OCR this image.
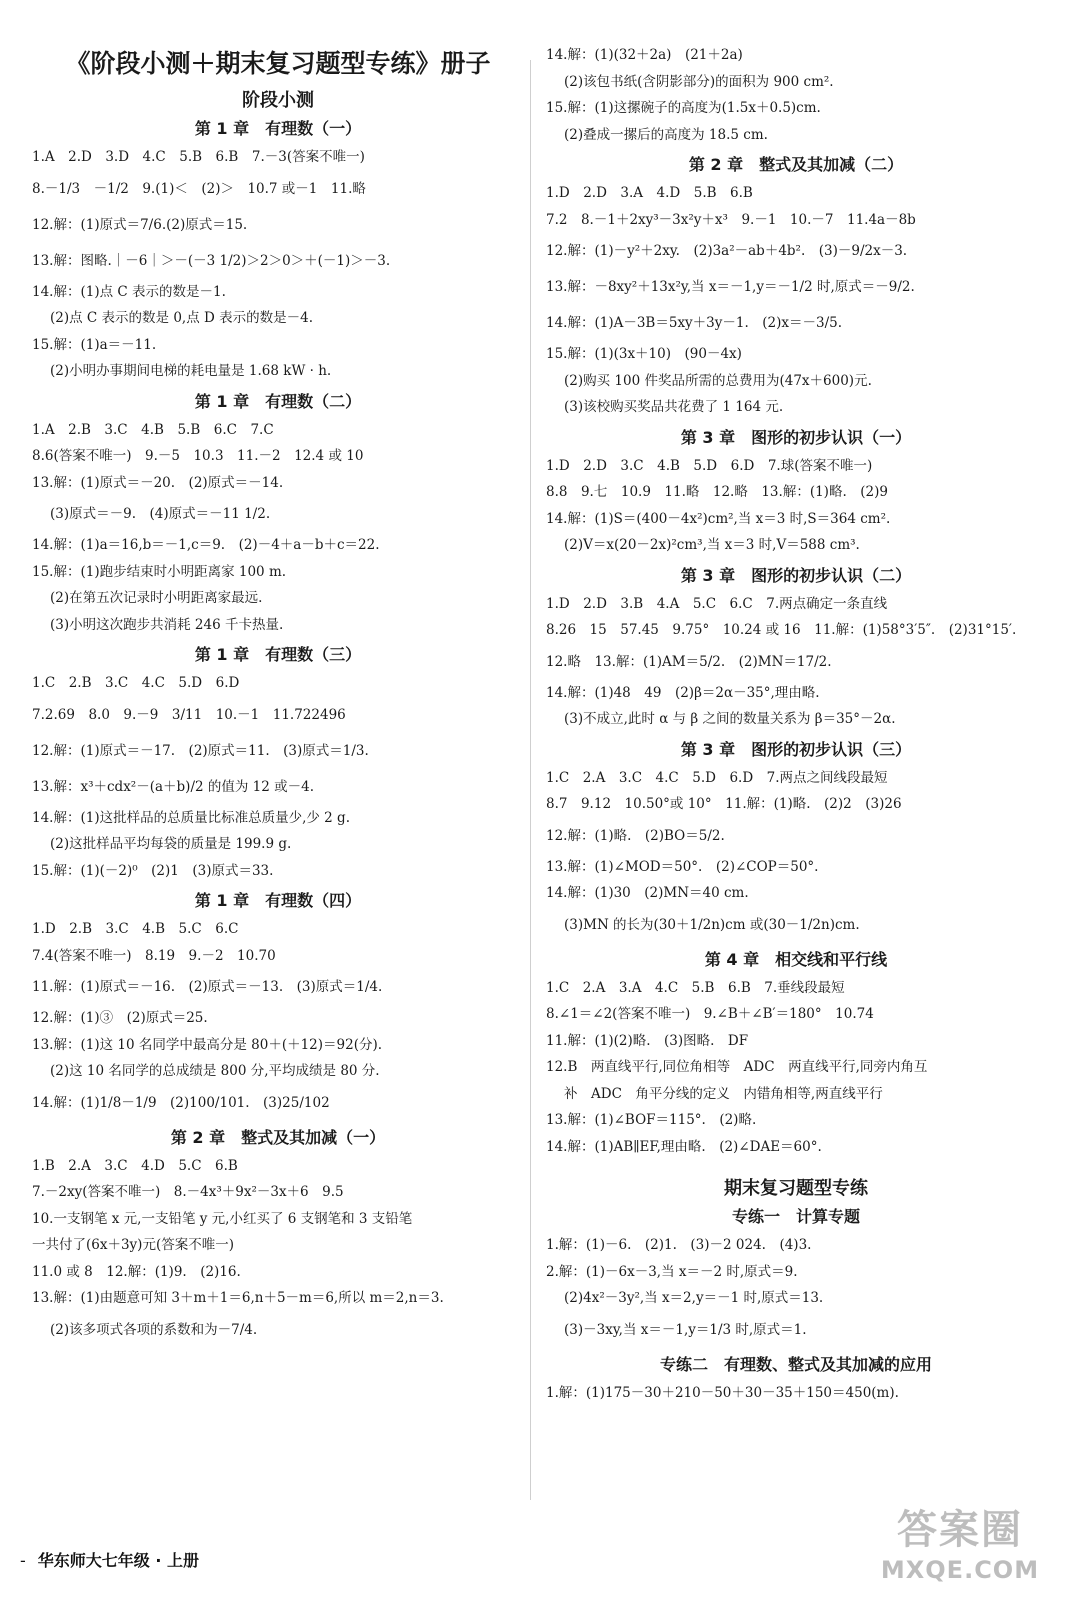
《阶段小测＋期末复习题型专练》册子
阶段小测
第 1 章　有理数（一）
1.A　2.D　3.D　4.C　5.B　6.B　7.－3(答案不唯一)
8.－1/3　－1/2　9.(1)＜　(2)＞　10.7 或－1　11.略
12.解：(1)原式＝7/6.(2)原式＝15.
13.解：图略.｜－6｜＞－(－3 1/2)＞2＞0＞＋(－1)＞－3.
14.解：(1)点 C 表示的数是－1.
(2)点 C 表示的数是 0,点 D 表示的数是－4.
15.解：(1)a＝－11.
(2)小明办事期间电梯的耗电量是 1.68 kW · h.
第 1 章　有理数（二）
1.A　2.B　3.C　4.B　5.B　6.C　7.C
8.6(答案不唯一)　9.－5　10.3　11.－2　12.4 或 10
13.解：(1)原式＝－20.　(2)原式＝－14.
(3)原式＝－9.　(4)原式＝－11 1/2.
14.解：(1)a＝16,b＝－1,c＝9.　(2)－4＋a－b＋c＝22.
15.解：(1)跑步结束时小明距离家 100 m.
(2)在第五次记录时小明距离家最远.
(3)小明这次跑步共消耗 246 千卡热量.
第 1 章　有理数（三）
1.C　2.B　3.C　4.C　5.D　6.D
7.2.69　8.0　9.－9　3/11　10.－1　11.722496
12.解：(1)原式＝－17.　(2)原式＝11.　(3)原式＝1/3.
13.解：x³＋cdx²－(a＋b)/2 的值为 12 或－4.
14.解：(1)这批样品的总质量比标准总质量少,少 2 g.
(2)这批样品平均每袋的质量是 199.9 g.
15.解：(1)(－2)⁰　(2)1　(3)原式＝33.
第 1 章　有理数（四）
1.D　2.B　3.C　4.B　5.C　6.C
7.4(答案不唯一)　8.19　9.－2　10.70
11.解：(1)原式＝－16.　(2)原式＝－13.　(3)原式＝1/4.
12.解：(1)③　(2)原式＝25.
13.解：(1)这 10 名同学中最高分是 80＋(＋12)＝92(分).
(2)这 10 名同学的总成绩是 800 分,平均成绩是 80 分.
14.解：(1)1/8－1/9　(2)100/101.　(3)25/102
第 2 章　整式及其加减（一）
1.B　2.A　3.C　4.D　5.C　6.B
7.－2xy(答案不唯一)　8.－4x³＋9x²－3x＋6　9.5
10.一支钢笔 x 元,一支铅笔 y 元,小红买了 6 支钢笔和 3 支铅笔
一共付了(6x＋3y)元(答案不唯一)
11.0 或 8　12.解：(1)9.　(2)16.
13.解：(1)由题意可知 3＋m＋1＝6,n＋5－m＝6,所以 m＝2,n＝3.
(2)该多项式各项的系数和为－7/4.
14.解：(1)(32＋2a)　(21＋2a)
(2)该包书纸(含阴影部分)的面积为 900 cm².
15.解：(1)这摞碗子的高度为(1.5x＋0.5)cm.
(2)叠成一摞后的高度为 18.5 cm.
第 2 章　整式及其加减（二）
1.D　2.D　3.A　4.D　5.B　6.B
7.2　8.－1＋2xy³－3x²y＋x³　9.－1　10.－7　11.4a－8b
12.解：(1)－y²＋2xy.　(2)3a²－ab＋4b².　(3)－9/2x－3.
13.解：－8xy²＋13x²y,当 x＝－1,y＝－1/2 时,原式＝－9/2.
14.解：(1)A－3B＝5xy＋3y－1.　(2)x＝－3/5.
15.解：(1)(3x＋10)　(90－4x)
(2)购买 100 件奖品所需的总费用为(47x＋600)元.
(3)该校购买奖品共花费了 1 164 元.
第 3 章　图形的初步认识（一）
1.D　2.D　3.C　4.B　5.D　6.D　7.球(答案不唯一)
8.8　9.七　10.9　11.略　12.略　13.解：(1)略.　(2)9
14.解：(1)S＝(400－4x²)cm²,当 x＝3 时,S＝364 cm².
(2)V＝x(20－2x)²cm³,当 x＝3 时,V＝588 cm³.
第 3 章　图形的初步认识（二）
1.D　2.D　3.B　4.A　5.C　6.C　7.两点确定一条直线
8.26　15　57.45　9.75°　10.24 或 16　11.解：(1)58°3′5″.　(2)31°15′.
12.略　13.解：(1)AM＝5/2.　(2)MN＝17/2.
14.解：(1)48　49　(2)β＝2α－35°,理由略.
(3)不成立,此时 α 与 β 之间的数量关系为 β＝35°－2α.
第 3 章　图形的初步认识（三）
1.C　2.A　3.C　4.C　5.D　6.D　7.两点之间线段最短
8.7　9.12　10.50°或 10°　11.解：(1)略.　(2)2　(3)26
12.解：(1)略.　(2)BO＝5/2.
13.解：(1)∠MOD＝50°.　(2)∠COP＝50°.
14.解：(1)30　(2)MN＝40 cm.
(3)MN 的长为(30＋1/2n)cm 或(30－1/2n)cm.
第 4 章　相交线和平行线
1.C　2.A　3.A　4.C　5.B　6.B　7.垂线段最短
8.∠1＝∠2(答案不唯一)　9.∠B＋∠B′＝180°　10.74
11.解：(1)(2)略.　(3)图略.　DF
12.B　两直线平行,同位角相等　ADC　两直线平行,同旁内角互
补　ADC　角平分线的定义　内错角相等,两直线平行
13.解：(1)∠BOF＝115°.　(2)略.
14.解：(1)AB∥EF,理由略.　(2)∠DAE＝60°.
期末复习题型专练
专练一　计算专题
1.解：(1)－6.　(2)1.　(3)－2 024.　(4)3.
2.解：(1)－6x－3,当 x＝－2 时,原式＝9.
(2)4x²－3y²,当 x＝2,y＝－1 时,原式＝13.
(3)－3xy,当 x＝－1,y＝1/3 时,原式＝1.
专练二　有理数、整式及其加减的应用
1.解：(1)175－30＋210－50＋30－35＋150＝450(m).
- 华东师大七年级 · 上册
答案圈
MXQE.COM
